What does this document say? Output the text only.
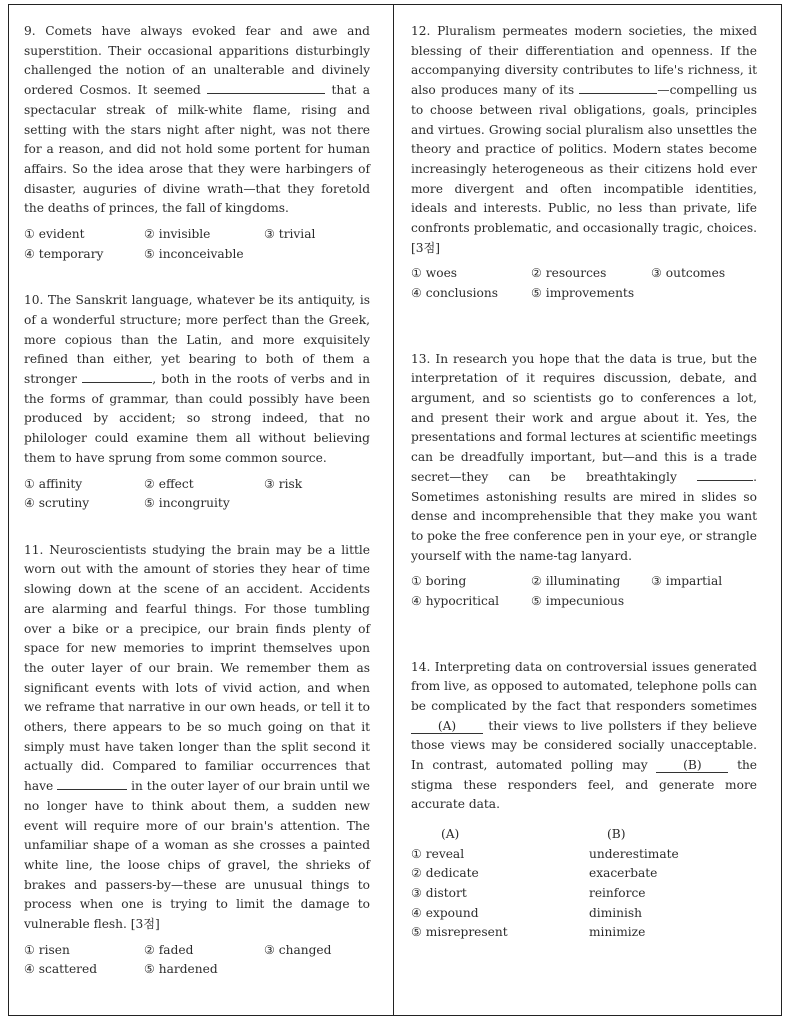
9. Comets have always evoked fear and awe and superstition. Their occasional apparitions disturbingly challenged the notion of an unalterable and divinely ordered Cosmos. It seemed	that a spectacular streak of milk-white flame, rising and setting with the stars night after night, was not there for a reason, and did not hold some portent for human affairs. So the idea arose that they were harbingers of disaster, auguries of divine wrath—that they foretold the deaths of princes, the fall of kingdoms.

① evident	② invisible	③ trivial
④ temporary	⑤ inconceivable

10. The Sanskrit language, whatever be its antiquity, is of a wonderful structure; more perfect than the Greek, more copious than the Latin, and more exquisitely refined than either, yet bearing to both of them a stronger	, both in the roots of verbs and in the forms of grammar, than could possibly have been produced by accident; so strong indeed, that no philologer could examine them all without believing them to have sprung from some common source.

① affinity	② effect	③ risk
④ scrutiny	⑤ incongruity

11. Neuroscientists studying the brain may be a little worn out with the amount of stories they hear of time slowing down at the scene of an accident. Accidents are alarming and fearful things. For those tumbling over a bike or a precipice, our brain finds plenty of space for new memories to imprint themselves upon the outer layer of our brain. We remember them as significant events with lots of vivid action, and when we reframe that narrative in our own heads, or tell it to others, there appears to be so much going on that it simply must have taken longer than the split second it actually did. Compared to familiar occurrences that have	in the outer layer of our brain until we no longer have to think about them, a sudden new event will require more of our brain's attention. The unfamiliar shape of a woman as she crosses a painted white line, the loose chips of gravel, the shrieks of brakes and passers-by—these are unusual things to process when one is trying to limit the damage to vulnerable flesh. [3점]

① risen	② faded	③ changed
④ scattered	⑤ hardened

12. Pluralism permeates modern societies, the mixed blessing of their differentiation and openness. If the accompanying diversity contributes to life's richness, it also produces many of its	—compelling us to choose between rival obligations, goals, principles and virtues. Growing social pluralism also unsettles the theory and practice of politics. Modern states become increasingly heterogeneous as their citizens hold ever more divergent and often incompatible identities, ideals and interests. Public, no less than private, life confronts problematic, and occasionally tragic, choices. [3점]

① woes	② resources	③ outcomes
④ conclusions	⑤ improvements

13. In research you hope that the data is true, but the interpretation of it requires discussion, debate, and argument, and so scientists go to conferences a lot, and present their work and argue about it. Yes, the presentations and formal lectures at scientific meetings can be dreadfully important, but—and this is a trade secret—they can be breathtakingly	. Sometimes astonishing results are mired in slides so dense and incomprehensible that they make you want to poke the free conference pen in your eye, or strangle yourself with the name-tag lanyard.

① boring	② illuminating	③ impartial
④ hypocritical	⑤ impecunious

14. Interpreting data on controversial issues generated from live, as opposed to automated, telephone polls can be complicated by the fact that responders sometimes (A)	their views to live pollsters if they believe those views may be considered socially unacceptable. In contrast, automated polling may	(B)	the stigma these responders feel, and generate more accurate data.

(A)	(B)
① reveal	underestimate
② dedicate	exacerbate
③ distort	reinforce
④ expound	diminish
⑤ misrepresent	minimize
